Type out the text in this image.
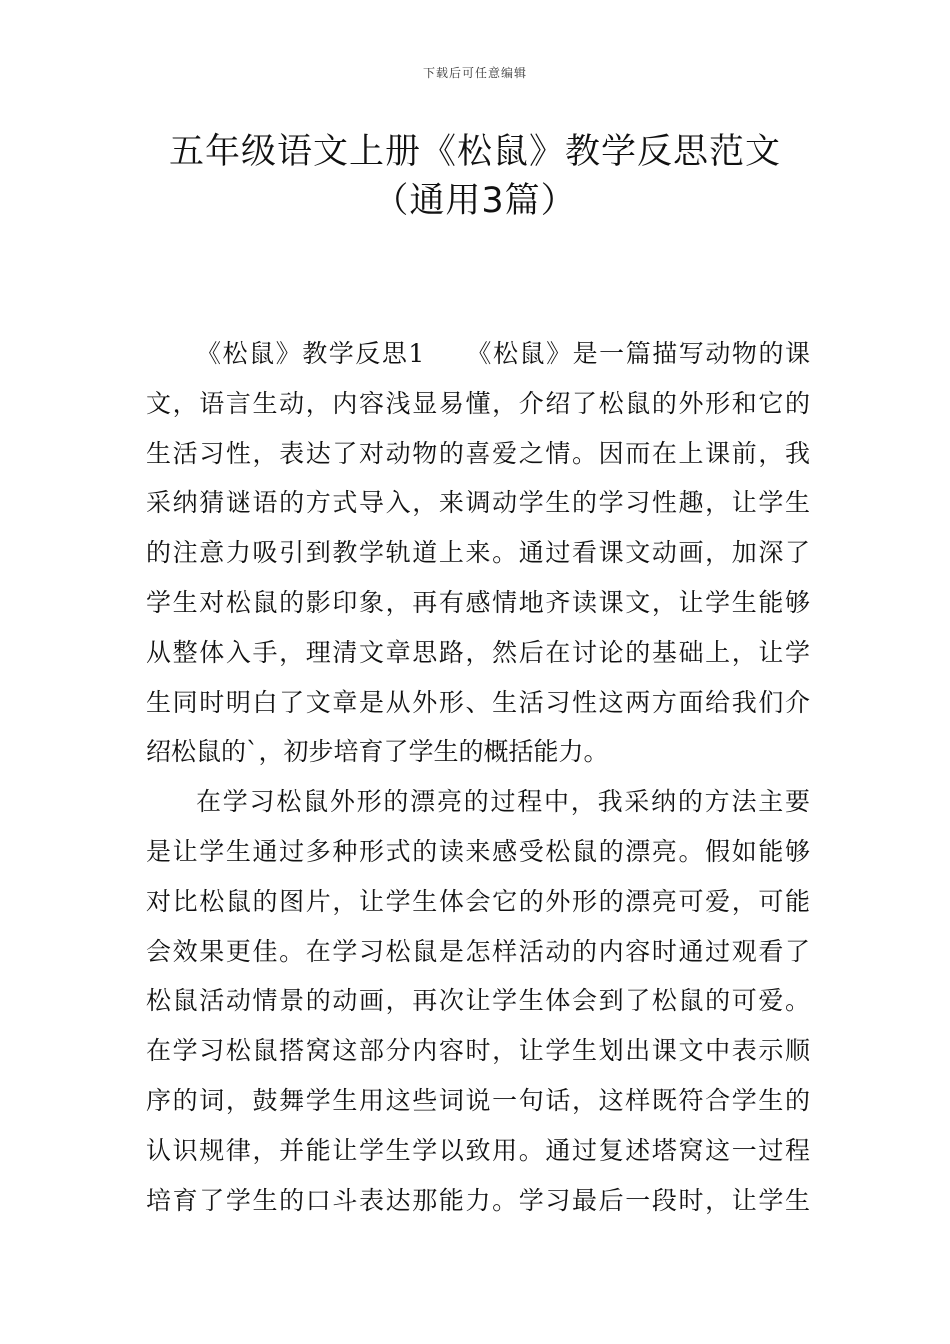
下载后可任意编辑
五年级语文上册《松鼠》教学反思范文
（通用3篇）
《松鼠》教学反思1　　《松鼠》是一篇描写动物的课
文，语言生动，内容浅显易懂，介绍了松鼠的外形和它的
生活习性，表达了对动物的喜爱之情。因而在上课前，我
采纳猜谜语的方式导入，来调动学生的学习性趣，让学生
的注意力吸引到教学轨道上来。通过看课文动画，加深了
学生对松鼠的影印象，再有感情地齐读课文，让学生能够
从整体入手，理清文章思路，然后在讨论的基础上，让学
生同时明白了文章是从外形、生活习性这两方面给我们介
绍松鼠的`，初步培育了学生的概括能力。
在学习松鼠外形的漂亮的过程中，我采纳的方法主要
是让学生通过多种形式的读来感受松鼠的漂亮。假如能够
对比松鼠的图片，让学生体会它的外形的漂亮可爱，可能
会效果更佳。在学习松鼠是怎样活动的内容时通过观看了
松鼠活动情景的动画，再次让学生体会到了松鼠的可爱。
在学习松鼠搭窝这部分内容时，让学生划出课文中表示顺
序的词，鼓舞学生用这些词说一句话，这样既符合学生的
认识规律，并能让学生学以致用。通过复述塔窝这一过程
培育了学生的口斗表达那能力。学习最后一段时，让学生
